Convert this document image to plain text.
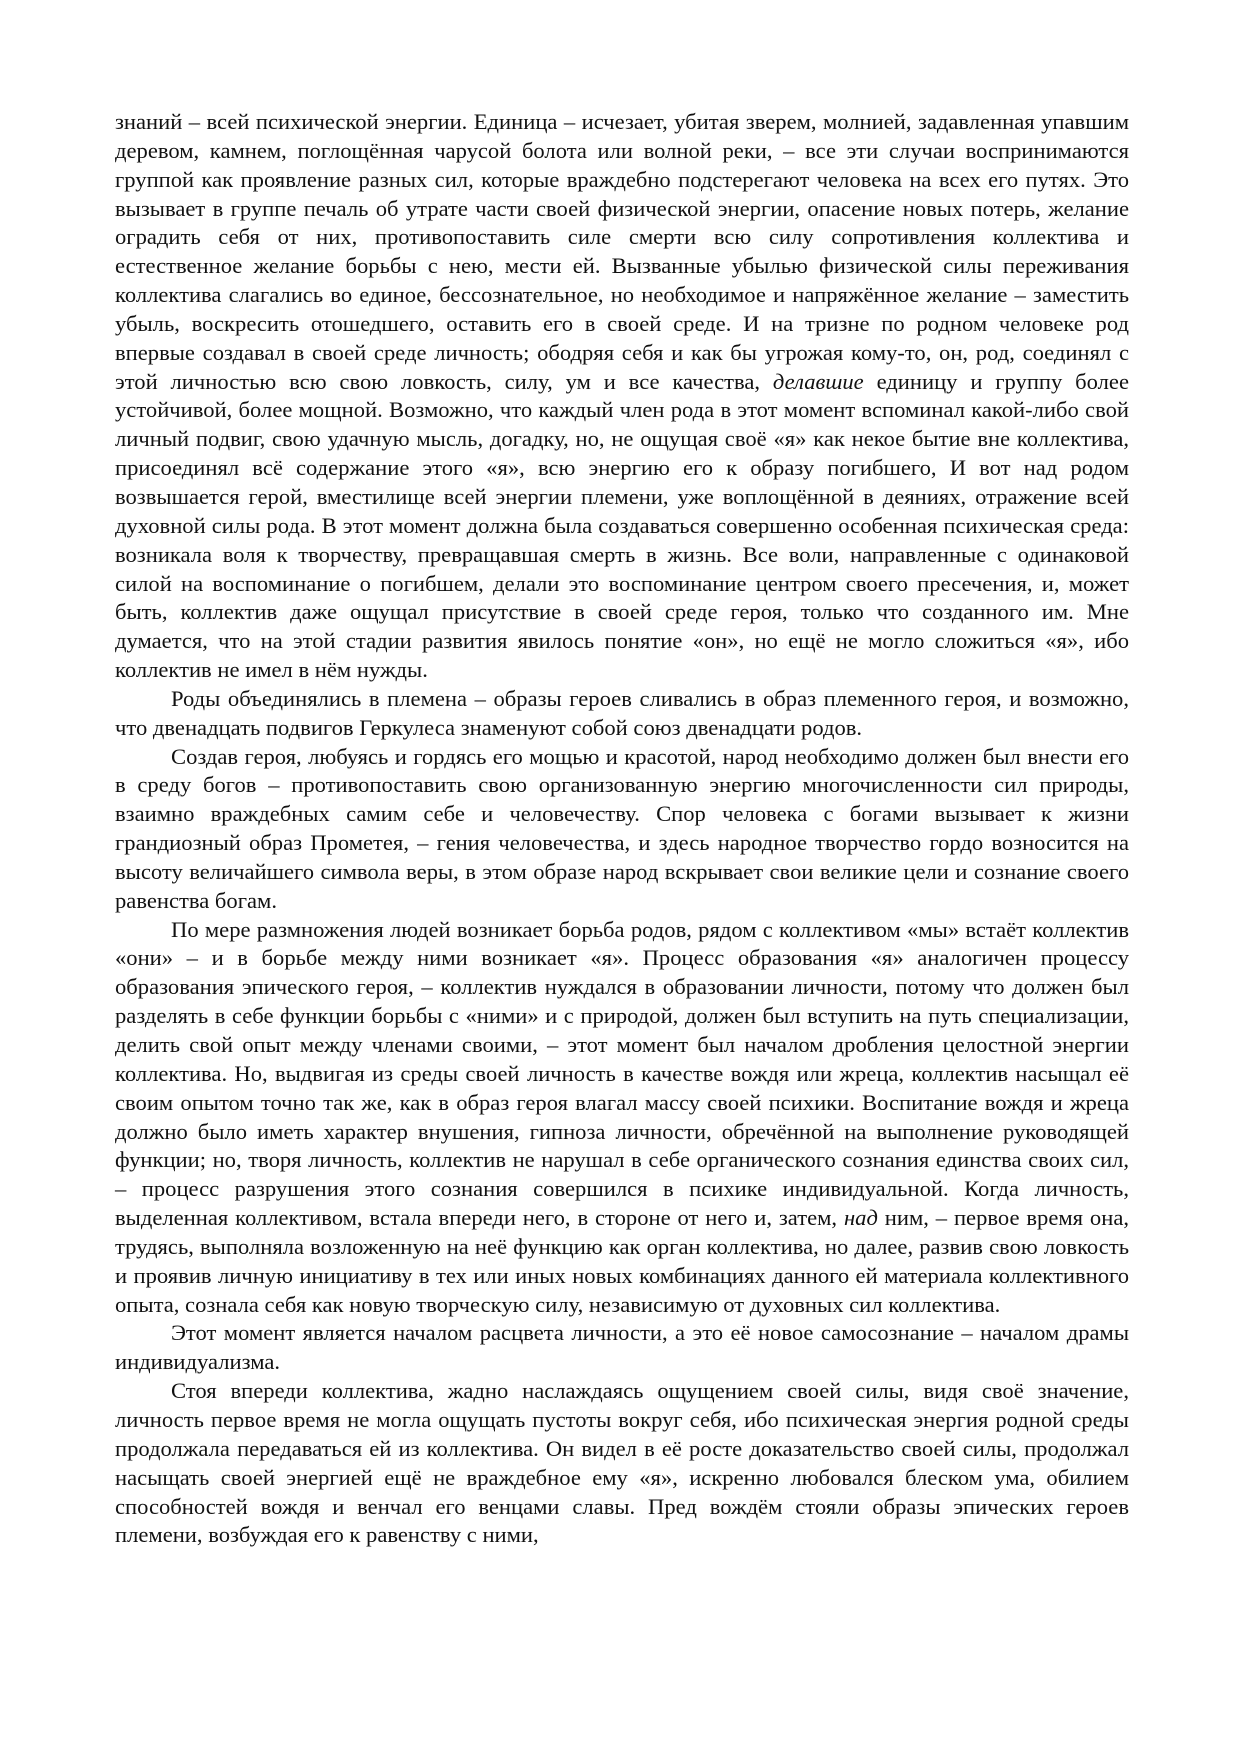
знаний – всей психической энергии. Единица – исчезает, убитая зверем, молнией, задавленная упавшим деревом, камнем, поглощённая чарусой болота или волной реки, – все эти случаи воспринимаются группой как проявление разных сил, которые враждебно подстерегают человека на всех его путях. Это вызывает в группе печаль об утрате части своей физической энергии, опасение новых потерь, желание оградить себя от них, противопоставить силе смерти всю силу сопротивления коллектива и естественное желание борьбы с нею, мести ей. Вызванные убылью физической силы переживания коллектива слагались во единое, бессознательное, но необходимое и напряжённое желание – заместить убыль, воскресить отошедшего, оставить его в своей среде. И на тризне по родном человеке род впервые создавал в своей среде личность; ободряя себя и как бы угрожая кому-то, он, род, соединял с этой личностью всю свою ловкость, силу, ум и все качества, делавшие единицу и группу более устойчивой, более мощной. Возможно, что каждый член рода в этот момент вспоминал какой-либо свой личный подвиг, свою удачную мысль, догадку, но, не ощущая своё «я» как некое бытие вне коллектива, присоединял всё содержание этого «я», всю энергию его к образу погибшего, И вот над родом возвышается герой, вместилище всей энергии племени, уже воплощённой в деяниях, отражение всей духовной силы рода. В этот момент должна была создаваться совершенно особенная психическая среда: возникала воля к творчеству, превращавшая смерть в жизнь. Все воли, направленные с одинаковой силой на воспоминание о погибшем, делали это воспоминание центром своего пресечения, и, может быть, коллектив даже ощущал присутствие в своей среде героя, только что созданного им. Мне думается, что на этой стадии развития явилось понятие «он», но ещё не могло сложиться «я», ибо коллектив не имел в нём нужды.

Роды объединялись в племена – образы героев сливались в образ племенного героя, и возможно, что двенадцать подвигов Геркулеса знаменуют собой союз двенадцати родов.

Создав героя, любуясь и гордясь его мощью и красотой, народ необходимо должен был внести его в среду богов – противопоставить свою организованную энергию многочисленности сил природы, взаимно враждебных самим себе и человечеству. Спор человека с богами вызывает к жизни грандиозный образ Прометея, – гения человечества, и здесь народное творчество гордо возносится на высоту величайшего символа веры, в этом образе народ вскрывает свои великие цели и сознание своего равенства богам.

По мере размножения людей возникает борьба родов, рядом с коллективом «мы» встаёт коллектив «они» – и в борьбе между ними возникает «я». Процесс образования «я» аналогичен процессу образования эпического героя, – коллектив нуждался в образовании личности, потому что должен был разделять в себе функции борьбы с «ними» и с природой, должен был вступить на путь специализации, делить свой опыт между членами своими, – этот момент был началом дробления целостной энергии коллектива. Но, выдвигая из среды своей личность в качестве вождя или жреца, коллектив насыщал её своим опытом точно так же, как в образ героя влагал массу своей психики. Воспитание вождя и жреца должно было иметь характер внушения, гипноза личности, обречённой на выполнение руководящей функции; но, творя личность, коллектив не нарушал в себе органического сознания единства своих сил, – процесс разрушения этого сознания совершился в психике индивидуальной. Когда личность, выделенная коллективом, встала впереди него, в стороне от него и, затем, над ним, – первое время она, трудясь, выполняла возложенную на неё функцию как орган коллектива, но далее, развив свою ловкость и проявив личную инициативу в тех или иных новых комбинациях данного ей материала коллективного опыта, сознала себя как новую творческую силу, независимую от духовных сил коллектива.

Этот момент является началом расцвета личности, а это её новое самосознание – началом драмы индивидуализма.

Стоя впереди коллектива, жадно наслаждаясь ощущением своей силы, видя своё значение, личность первое время не могла ощущать пустоты вокруг себя, ибо психическая энергия родной среды продолжала передаваться ей из коллектива. Он видел в её росте доказательство своей силы, продолжал насыщать своей энергией ещё не враждебное ему «я», искренно любовался блеском ума, обилием способностей вождя и венчал его венцами славы. Пред вождём стояли образы эпических героев племени, возбуждая его к равенству с ними,
